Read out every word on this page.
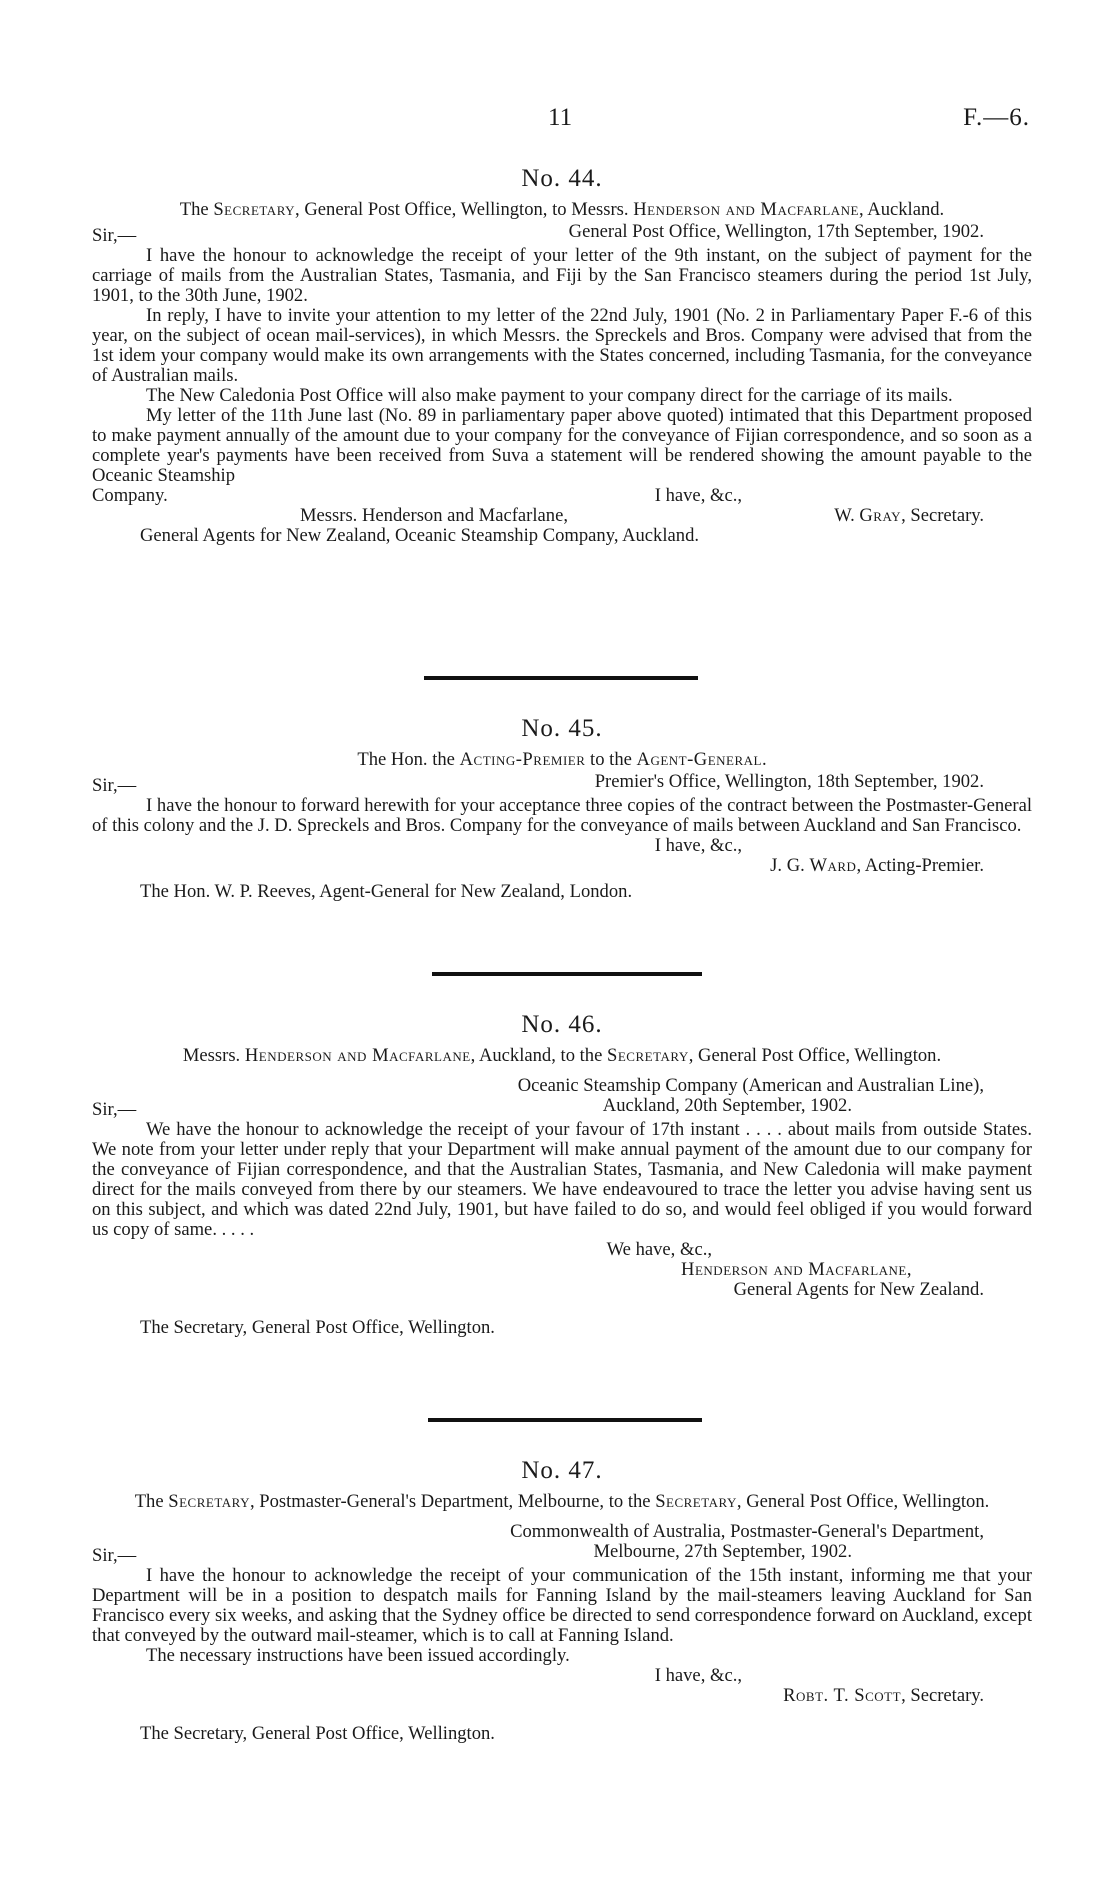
11	F.—6.
No. 44.
The Secretary, General Post Office, Wellington, to Messrs. Henderson and Macfarlane, Auckland.
Sir,—	General Post Office, Wellington, 17th September, 1902.

I have the honour to acknowledge the receipt of your letter of the 9th instant, on the subject of payment for the carriage of mails from the Australian States, Tasmania, and Fiji by the San Francisco steamers during the period 1st July, 1901, to the 30th June, 1902.

In reply, I have to invite your attention to my letter of the 22nd July, 1901 (No. 2 in Parliamentary Paper F.-6 of this year, on the subject of ocean mail-services), in which Messrs. the Spreckels and Bros. Company were advised that from the 1st idem your company would make its own arrangements with the States concerned, including Tasmania, for the conveyance of Australian mails.

The New Caledonia Post Office will also make payment to your company direct for the carriage of its mails.

My letter of the 11th June last (No. 89 in parliamentary paper above quoted) intimated that this Department proposed to make payment annually of the amount due to your company for the conveyance of Fijian correspondence, and so soon as a complete year's payments have been received from Suva a statement will be rendered showing the amount payable to the Oceanic Steamship

Company.	I have, &c.,
Messrs. Henderson and Macfarlane,	W. Gray, Secretary.

General Agents for New Zealand, Oceanic Steamship Company, Auckland.

No. 45.
The Hon. the Acting-Premier to the Agent-General.
Sir,—	Premier's Office, Wellington, 18th September, 1902.

I have the honour to forward herewith for your acceptance three copies of the contract between the Postmaster-General of this colony and the J. D. Spreckels and Bros. Company for the conveyance of mails between Auckland and San Francisco.

I have, &c.,

J. G. Ward, Acting-Premier.

The Hon. W. P. Reeves, Agent-General for New Zealand, London.

No. 46.
Messrs. Henderson and Macfarlane, Auckland, to the Secretary, General Post Office, Wellington.

Oceanic Steamship Company (American and Australian Line),

Sir,—	Auckland, 20th September, 1902.

We have the honour to acknowledge the receipt of your favour of 17th instant . . . . about mails from outside States. We note from your letter under reply that your Department will make annual payment of the amount due to our company for the conveyance of Fijian correspondence, and that the Australian States, Tasmania, and New Caledonia will make payment direct for the mails conveyed from there by our steamers. We have endeavoured to trace the letter you advise having sent us on this subject, and which was dated 22nd July, 1901, but have failed to do so, and would feel obliged if you would forward us copy of same. . . . .

We have, &c.,

Henderson and Macfarlane,

General Agents for New Zealand.

The Secretary, General Post Office, Wellington.

No. 47.
The Secretary, Postmaster-General's Department, Melbourne, to the Secretary, General Post Office, Wellington.

Commonwealth of Australia, Postmaster-General's Department,

Sir,—	Melbourne, 27th September, 1902.

I have the honour to acknowledge the receipt of your communication of the 15th instant, informing me that your Department will be in a position to despatch mails for Fanning Island by the mail-steamers leaving Auckland for San Francisco every six weeks, and asking that the Sydney office be directed to send correspondence forward on Auckland, except that conveyed by the outward mail-steamer, which is to call at Fanning Island.

The necessary instructions have been issued accordingly.

I have, &c.,

Robt. T. Scott, Secretary.

The Secretary, General Post Office, Wellington.
